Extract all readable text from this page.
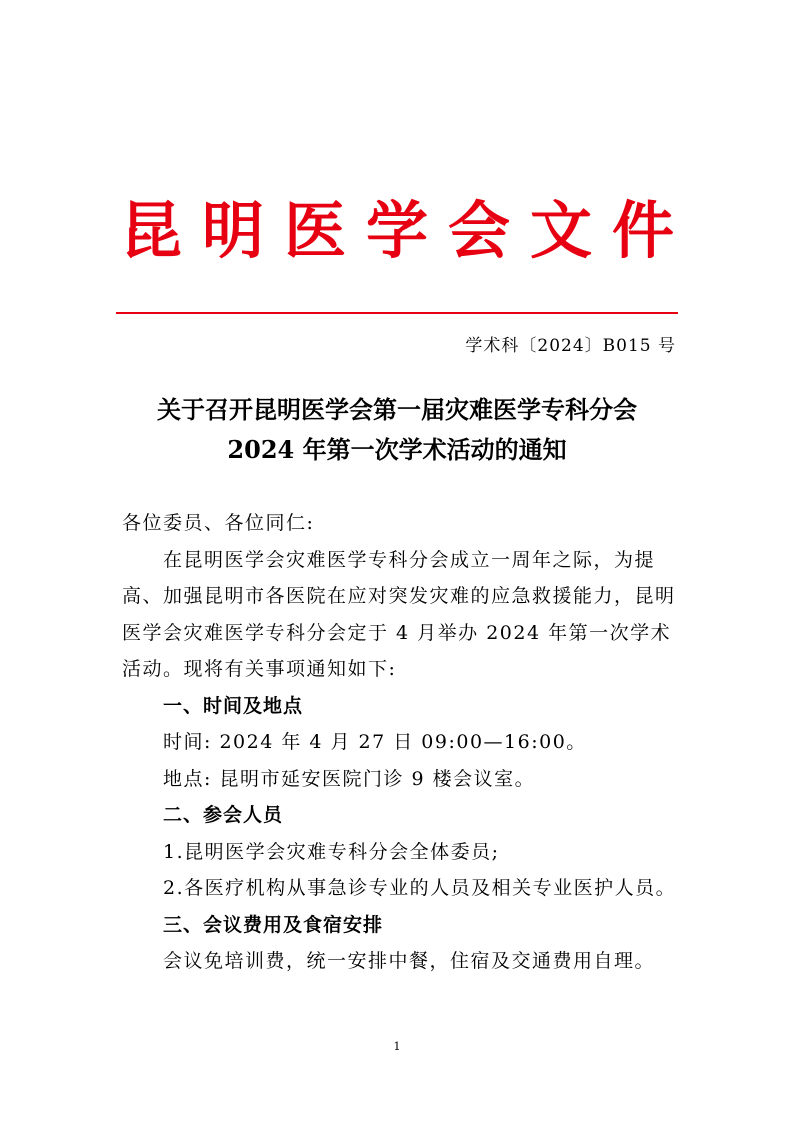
昆 明 医 学 会 文 件
学术科〔2024〕B015 号
关于召开昆明医学会第一届灾难医学专科分会
2024 年第一次学术活动的通知

各位委员、各位同仁:

在昆明医学会灾难医学专科分会成立一周年之际，为提高、加强昆明市各医院在应对突发灾难的应急救援能力，昆明医学会灾难医学专科分会定于 4 月举办 2024 年第一次学术活动。现将有关事项通知如下:

一、时间及地点

时间: 2024 年 4 月 27 日 09:00—16:00。

地点: 昆明市延安医院门诊 9 楼会议室。

二、参会人员

1.昆明医学会灾难专科分会全体委员;

2.各医疗机构从事急诊专业的人员及相关专业医护人员。

三、会议费用及食宿安排

会议免培训费，统一安排中餐，住宿及交通费用自理。

1
